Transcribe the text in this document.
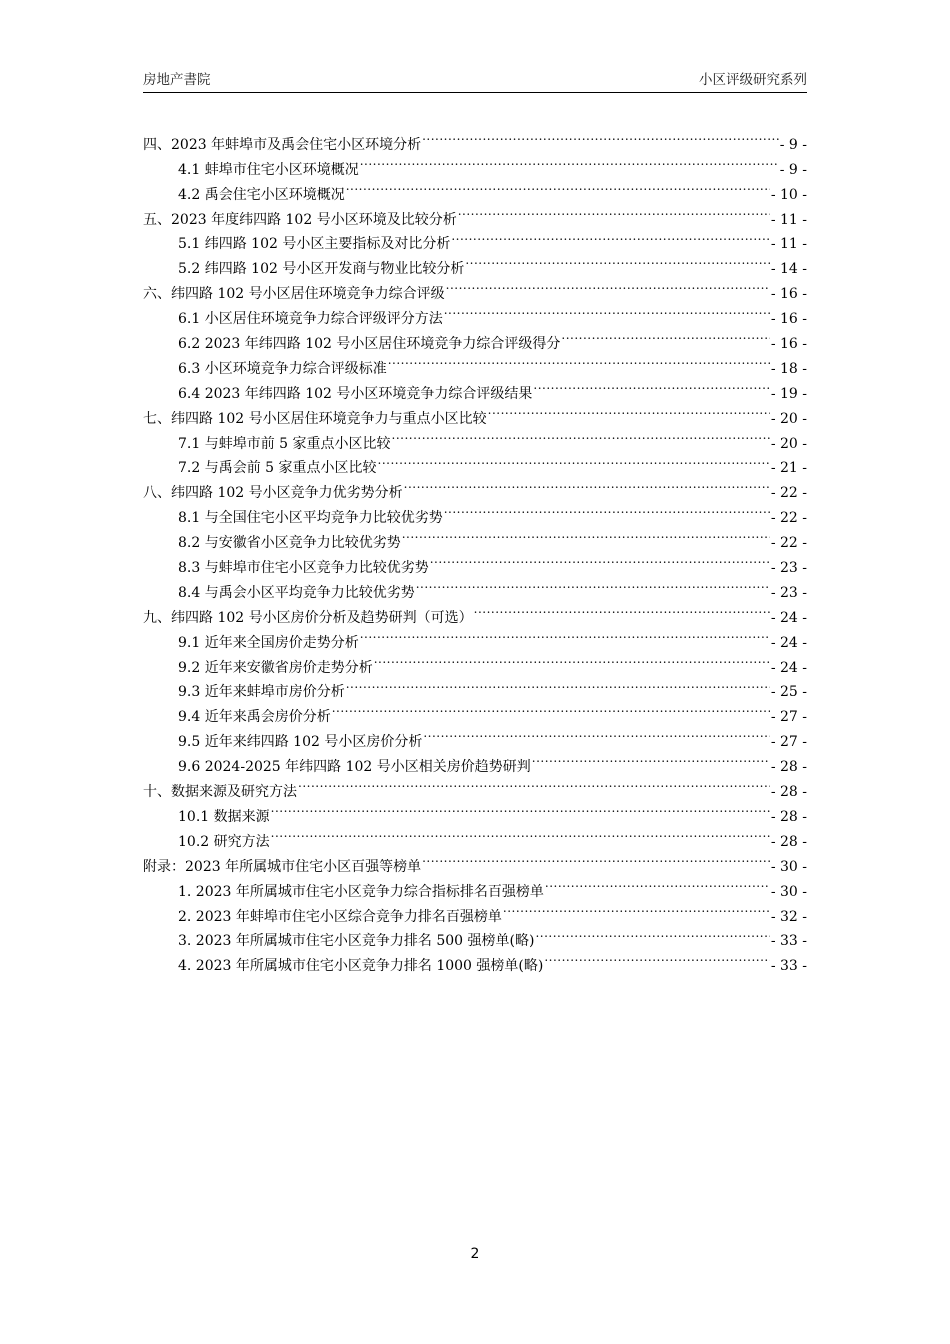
房地产書院	小区评级研究系列
四、2023 年蚌埠市及禹会住宅小区环境分析 .....	- 9 -
4.1 蚌埠市住宅小区环境概况 .....	- 9 -
4.2 禹会住宅小区环境概况 .....	- 10 -
五、2023 年度纬四路 102 号小区环境及比较分析 .....	- 11 -
5.1 纬四路 102 号小区主要指标及对比分析 .....	- 11 -
5.2 纬四路 102 号小区开发商与物业比较分析 .....	- 14 -
六、纬四路 102 号小区居住环境竞争力综合评级 .....	- 16 -
6.1 小区居住环境竞争力综合评级评分方法 .....	- 16 -
6.2 2023 年纬四路 102 号小区居住环境竞争力综合评级得分 .....	- 16 -
6.3 小区环境竞争力综合评级标准 .....	- 18 -
6.4 2023 年纬四路 102 号小区环境竞争力综合评级结果 .....	- 19 -
七、纬四路 102 号小区居住环境竞争力与重点小区比较 .....	- 20 -
7.1 与蚌埠市前 5 家重点小区比较 .....	- 20 -
7.2 与禹会前 5 家重点小区比较 .....	- 21 -
八、纬四路 102 号小区竞争力优劣势分析 .....	- 22 -
8.1 与全国住宅小区平均竞争力比较优劣势 .....	- 22 -
8.2 与安徽省小区竞争力比较优劣势 .....	- 22 -
8.3 与蚌埠市住宅小区竞争力比较优劣势 .....	- 23 -
8.4 与禹会小区平均竞争力比较优劣势 .....	- 23 -
九、纬四路 102 号小区房价分析及趋势研判（可选） .....	- 24 -
9.1 近年来全国房价走势分析 .....	- 24 -
9.2 近年来安徽省房价走势分析 .....	- 24 -
9.3 近年来蚌埠市房价分析 .....	- 25 -
9.4 近年来禹会房价分析 .....	- 27 -
9.5 近年来纬四路 102 号小区房价分析 .....	- 27 -
9.6 2024-2025 年纬四路 102 号小区相关房价趋势研判 .....	- 28 -
十、数据来源及研究方法 .....	- 28 -
10.1 数据来源 .....	- 28 -
10.2 研究方法 .....	- 28 -
附录：2023 年所属城市住宅小区百强等榜单 .....	- 30 -
1. 2023 年所属城市住宅小区竞争力综合指标排名百强榜单 .....	- 30 -
2. 2023 年蚌埠市住宅小区综合竞争力排名百强榜单 .....	- 32 -
3. 2023 年所属城市住宅小区竞争力排名 500 强榜单(略) .....	- 33 -
4. 2023 年所属城市住宅小区竞争力排名 1000 强榜单(略) .....	- 33 -
2
